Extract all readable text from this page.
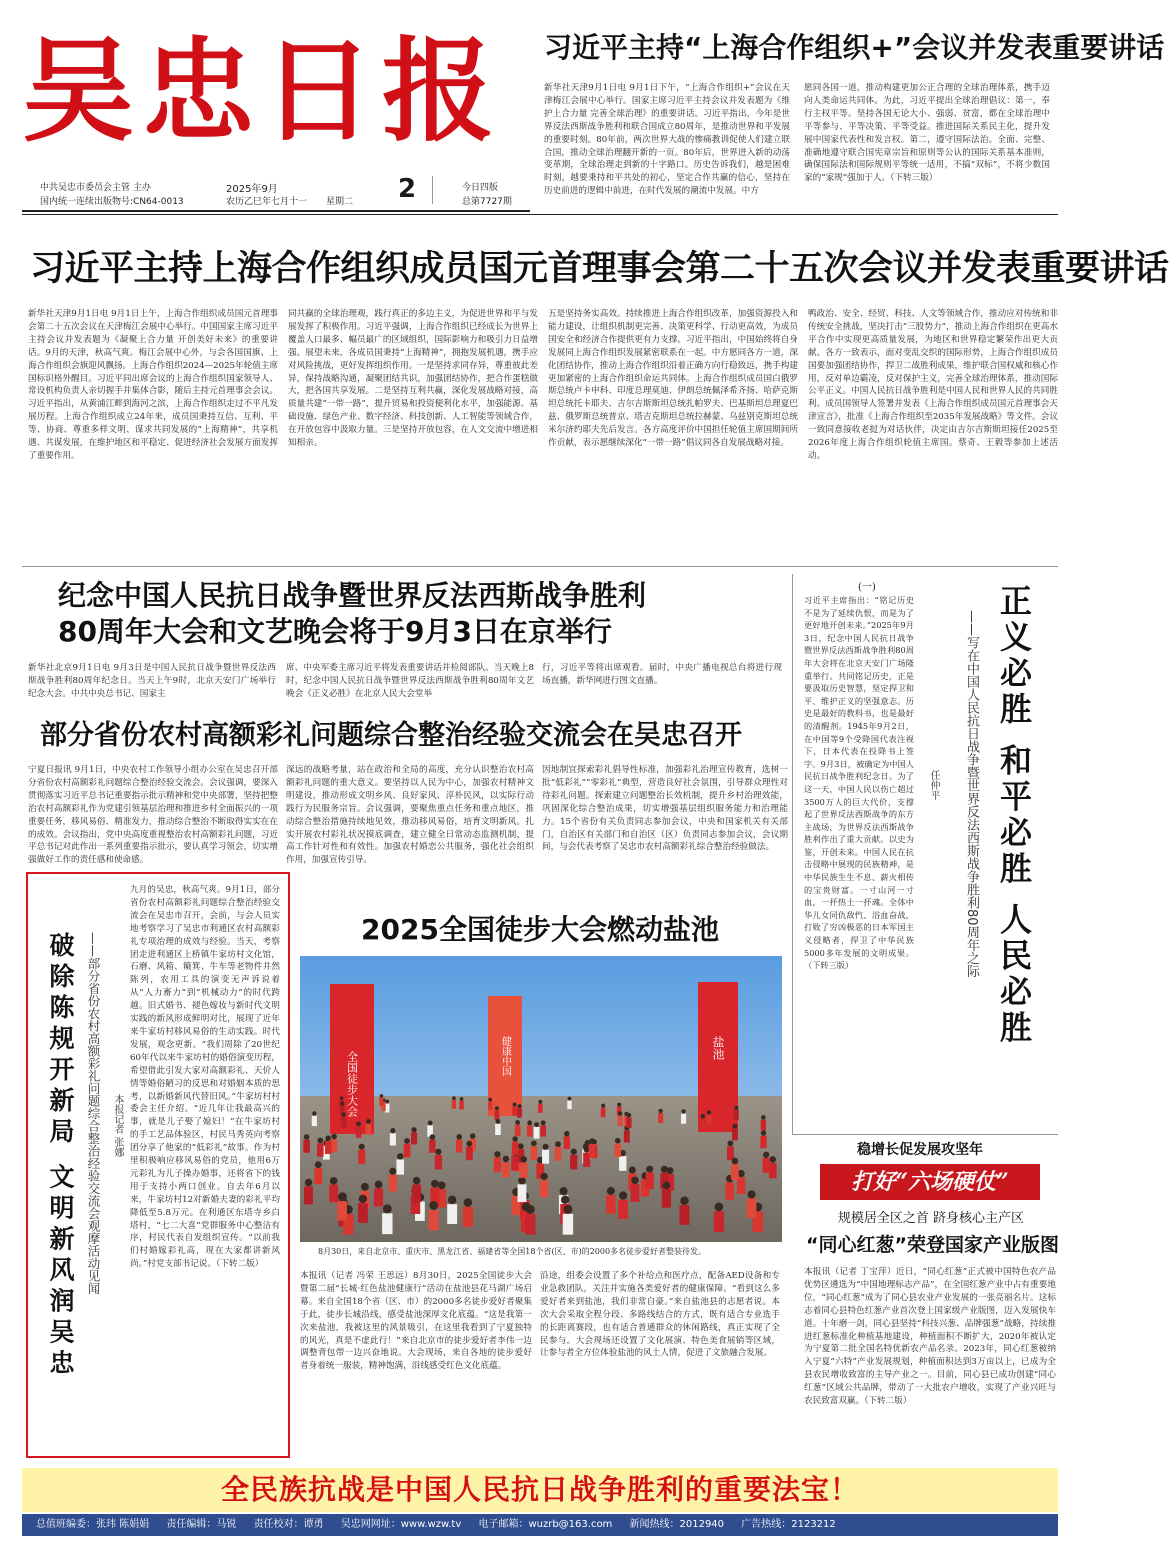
吴忠日报
中共吴忠市委员会主管 主办
国内统一连续出版物号:CN64-0013
2025年9月
农历乙巳年七月十一 星期二 2	今日四版
总第7727期
习近平主持“上海合作组织+”会议并发表重要讲话
新华社天津9月1日电 9月1日下午，“上海合作组织+”会议在天津梅江会展中心举行。国家主席习近平主持会议并发表题为《维护上合力量 完善全球治理》的重要讲话。习近平指出，今年是世界反法西斯战争胜利和联合国成立80周年，是推动世界和平发展的重要时刻。80年前，两次世界大战的惨痛教训促使人们建立联合国，推动全球治理翻开新的一页。80年后，世界进入新的动荡变革期，全球治理走到新的十字路口。历史告诉我们，越是困难时刻，越要秉持和平共处的初心，坚定合作共赢的信心，坚持在历史前进的逻辑中前进，在时代发展的潮流中发展。中方
愿同各国一道，推动构建更加公正合理的全球治理体系，携手迈向人类命运共同体。为此，习近平提出全球治理倡议：第一，奉行主权平等。坚持各国无论大小、强弱、贫富，都在全球治理中平等参与、平等决策、平等受益。推进国际关系民主化，提升发展中国家代表性和发言权。第二，遵守国际法治。全面、完整、准确地遵守联合国宪章宗旨和原则等公认的国际关系基本准则，确保国际法和国际规则平等统一适用，不搞“双标”，不将少数国家的“家规”强加于人。（下转三版）
习近平主持上海合作组织成员国元首理事会第二十五次会议并发表重要讲话
新华社天津9月1日电 9月1日上午，上海合作组织成员国元首理事会第二十五次会议在天津梅江会展中心举行。中国国家主席习近平主持会议并发表题为《凝聚上合力量 开创美好未来》的重要讲话。9月的天津，秋高气爽。梅江会展中心外，与会各国国旗、上海合作组织会旗迎风飘扬。上海合作组织2024—2025年轮值主席国标识格外醒目。习近平同出席会议的上海合作组织国家领导人、常设机构负责人亲切握手并集体合影，随后主持元首理事会会议。习近平指出，从黄浦江畔到海河之滨，上海合作组织走过不平凡发展历程。上海合作组织成立24年来，成员国秉持互信、互利、平等、协商、尊重多样文明、谋求共同发展的“上海精神”，共享机遇、共谋发展，在维护地区和平稳定、促进经济社会发展方面发挥了重要作用。
同共赢的全球治理观，践行真正的多边主义，为促进世界和平与发展发挥了积极作用。习近平强调，上海合作组织已经成长为世界上覆盖人口最多、幅员最广的区域组织，国际影响力和吸引力日益增强。展望未来，各成员国秉持“上海精神”，拥抱发展机遇，携手应对风险挑战，更好发挥组织作用。一是坚持求同存异，尊重彼此差异，保持战略沟通，凝聚团结共识，加强团结协作，把合作蛋糕做大，把各国共享发展。二是坚持互利共赢，深化发展战略对接，高质量共建“一带一路”，提升贸易和投资便利化水平，加强能源、基础设施、绿色产业、数字经济、科技创新、人工智能等领域合作，在开放包容中汲取力量。三是坚持开放包容，在人文交流中增进相知相亲。
五是坚持务实高效。持续推进上海合作组织改革，加强资源投入和能力建设，让组织机制更完善、决策更科学、行动更高效，为成员国安全和经济合作提供更有力支撑。习近平指出，中国始终将自身发展同上海合作组织发展紧密联系在一起。中方愿同各方一道，深化团结协作，推动上海合作组织沿着正确方向行稳致远，携手构建更加紧密的上海合作组织命运共同体。上海合作组织成员国白俄罗斯总统卢卡申科、印度总理莫迪、伊朗总统佩泽希齐扬、哈萨克斯坦总统托卡耶夫、吉尔吉斯斯坦总统扎帕罗夫、巴基斯坦总理夏巴兹、俄罗斯总统普京、塔吉克斯坦总统拉赫蒙、乌兹别克斯坦总统米尔济约耶夫先后发言。各方高度评价中国担任轮值主席国期间所作贡献，表示愿继续深化“一带一路”倡议同各自发展战略对接。
鸭政治、安全、经贸、科技、人文等领域合作，推动应对传统和非传统安全挑战，坚决打击“三股势力”，推动上海合作组织在更高水平合作中实现更高质量发展，为地区和世界稳定繁荣作出更大贡献。各方一致表示，面对变乱交织的国际形势，上海合作组织成员国要加强团结协作，捍卫二战胜利成果，维护联合国权威和核心作用，反对单边霸凌，反对保护主义，完善全球治理体系，推动国际公平正义。中国人民抗日战争胜利是中国人民和世界人民的共同胜利。成员国领导人签署并发表《上海合作组织成员国元首理事会天津宣言》，批准《上海合作组织至2035年发展战略》等文件。会议一致同意接收老挝为对话伙伴，决定由吉尔吉斯斯坦接任2025至2026年度上海合作组织轮值主席国。蔡奇、王毅等参加上述活动。
纪念中国人民抗日战争暨世界反法西斯战争胜利
80周年大会和文艺晚会将于9月3日在京举行
新华社北京9月1日电 9月3日是中国人民抗日战争暨世界反法西斯战争胜利80周年纪念日。当天上午9时，北京天安门广场举行纪念大会。中共中央总书记、国家主
席、中央军委主席习近平将发表重要讲话并检阅部队。当天晚上8时，纪念中国人民抗日战争暨世界反法西斯战争胜利80周年文艺晚会《正义必胜》在北京人民大会堂举
行，习近平等将出席观看。届时，中央广播电视总台将进行现场直播，新华网进行图文直播。
部分省份农村高额彩礼问题综合整治经验交流会在吴忠召开
宁夏日报讯 9月1日，中央农村工作领导小组办公室在吴忠召开部分省份农村高额彩礼问题综合整治经验交流会。会议强调，要深入贯彻落实习近平总书记重要指示批示精神和党中央部署，坚持把整治农村高额彩礼作为党建引领基层治理和推进乡村全面振兴的一项重要任务，移风易俗、精准发力，推动综合整治不断取得实实在在的成效。会议指出，党中央高度重视整治农村高额彩礼问题，习近平总书记对此作出一系列重要指示批示，要认真学习领会，切实增强做好工作的责任感和使命感。
深远的战略考量，站在政治和全局的高度，充分认识整治农村高额彩礼问题的重大意义。要坚持以人民为中心，加强农村精神文明建设，推动形成文明乡风、良好家风、淳朴民风，以实际行动践行为民服务宗旨。会议强调，要聚焦重点任务和重点地区，推动综合整治措施持续地见效，推动移风易俗，培育文明新风。扎实开展农村彩礼状况摸底调查，建立健全日常动态监测机制，提高工作针对性和有效性。加强农村婚恋公共服务，强化社会组织作用，加强宣传引导。
因地制宜探索彩礼倡导性标准，加强彩礼治理宣传教育，选树一批“低彩礼”“零彩礼”典型，营造良好社会氛围，引导群众理性对待彩礼问题。探索建立问题整治长效机制，提升乡村治理效能，巩固深化综合整治成果，切实增强基层组织服务能力和治理能力。15个省份有关负责同志参加会议，中央和国家机关有关部门，自治区有关部门和自治区（区）负责同志参加会议，会议期间，与会代表考察了吴忠市农村高额彩礼综合整治经验做法。
破除陈规开新局 文明新风润吴忠 ——部分省份农村高额彩礼问题综合整治经验交流会观摩活动见闻 本报记者 张娜
九月的吴忠，秋高气爽。9月1日，部分省份农村高额彩礼问题综合整治经验交流会在吴忠市召开，会前，与会人员实地考察学习了吴忠市利通区农村高额彩礼专项治理的成效与经验。当天，考察团走进利通区上桥镇牛家坊村文化馆，石磨、风箱、簸箕、牛车等老物件井然陈列，农用工具的演变无声诉说着从“人力畜力”到“机械动力”的时代跨越。旧式婚书、褪色嫁妆与新时代文明实践的新风形成鲜明对比，展现了近年来牛家坊村移风易俗的生动实践。时代发展，观念更新。“我们周除了20世纪60年代以来牛家坊村的婚俗演变历程，希望借此引发大家对高额彩礼、天价人情等婚俗陋习的反思和对婚姻本质的思考，以新婚新风代替旧风。”牛家坊村村委会主任介绍。“近几年让我最高兴的事，就是儿子娶了媳妇！”在牛家坊村的手工艺品体验区，村民马秀英向考察团分享了他家的“低彩礼”故事。作为村里积极响应移风易俗的党员，他用6万元彩礼为儿子操办婚事，还将省下的钱用于支持小两口创业。自去年6月以来，牛家坊村12对新婚夫妻的彩礼平均降低至5.8万元。在利通区东塔寺乡白塔村，“七二大喜”党群服务中心整洁有序，村民代表自发组织宣传。“以前我们村婚嫁彩礼高，现在大家都讲新风尚。”村党支部书记说。（下转二版）
2025全国徒步大会燃动盐池
全国徒步大会	健康中国	盐池
8月30日，来自北京市、重庆市、黑龙江省、福建省等全国18个省(区、市)的2000多名徒步爱好者整装待发。
本报讯（记者 冯荣 王思远）8月30日，2025全国徒步大会暨第二届“长城·红色盐池健康行”活动在盐池县花马湖广场启幕。来自全国18个省（区、市）的2000多名徒步爱好者聚集于此，徒步长城沿线，感受盐池深厚文化底蕴。“这是我第一次来盐池，我被这里的风景吸引，在这里我看到了宁夏独特的风光，真是不虚此行！”来自北京市的徒步爱好者李伟一边调整背包带一边兴奋地说。大会现场，来自各地的徒步爱好者身着统一服装，精神饱满，沿线感受红色文化底蕴。
沿途，组委会设置了多个补给点和医疗点，配备AED设备和专业急救团队，关注并实施各类爱好者的健康保障。“看到这么多爱好者来到盐池，我们非常自豪。”来自盐池县的志愿者说。本次大会采取全程分段、多路线结合的方式，既有适合专业选手的长距离赛段，也有适合普通群众的休闲路线，真正实现了全民参与。大会现场还设置了文化展演、特色美食展销等区域，让参与者全方位体验盐池的风土人情，促进了文旅融合发展。
(一)
习近平主席指出：“铭记历史不是为了延续仇恨，而是为了更好地开创未来。”2025年9月3日，纪念中国人民抗日战争暨世界反法西斯战争胜利80周年大会将在北京天安门广场隆重举行。共同铭记历史，正是要汲取历史智慧，坚定捍卫和平、维护正义的坚强意志。历史是最好的教科书，也是最好的清醒剂。1945年9月2日，在中国等9个受降国代表注视下，日本代表在投降书上签字。9月3日，被确定为中国人民抗日战争胜利纪念日。为了这一天，中国人民以伤亡超过3500万人的巨大代价，支撑起了世界反法西斯战争的东方主战场，为世界反法西斯战争胜利作出了重大贡献。以史为鉴，开创未来。中国人民在抗击侵略中展现的民族精神，是中华民族生生不息、薪火相传的宝贵财富。一寸山河一寸血，一抔热土一抔魂。全体中华儿女同仇敌忾、浴血奋战，打败了穷凶极恶的日本军国主义侵略者，捍卫了中华民族5000多年发展的文明成果。（下转三版）	正义必胜 和平必胜 人民必胜
——写在中国人民抗日战争暨世界反法西斯战争胜利80周年之际
任仲平
稳增长促发展攻坚年
打好“六场硬仗”
规模居全区之首 跻身核心主产区
“同心红葱”荣登国家产业版图
本报讯（记者 丁宝萍）近日，“同心红葱”正式被中国特色农产品优势区遴选为“中国地理标志产品”，在全国红葱产业中占有重要地位，“同心红葱”成为了同心县农业产业发展的一张亮丽名片。这标志着同心县特色红葱产业首次登上国家级产业版图，迈入发展快车道。十年磨一剑，同心县坚持“科技兴葱、品牌强葱”战略，持续推进红葱标准化种植基地建设，种植面积不断扩大，2020年被认定为宁夏第二批全国名特优新农产品名录。2023年，同心红葱被纳入宁夏“六特”产业发展规划，种植面积达到3万亩以上，已成为全县农民增收致富的主导产业之一。目前，同心县已成功创建“同心红葱”区域公共品牌，带动了一大批农户增收，实现了产业兴旺与农民致富双赢。（下转二版）
全民族抗战是中国人民抗日战争胜利的重要法宝！
总值班编委：张玮 陈娟娟 责任编辑：马锐 责任校对：谭勇 吴忠网网址：www.wzw.tv 电子邮箱：wuzrb@163.com 新闻热线：2012940 广告热线：2123212
